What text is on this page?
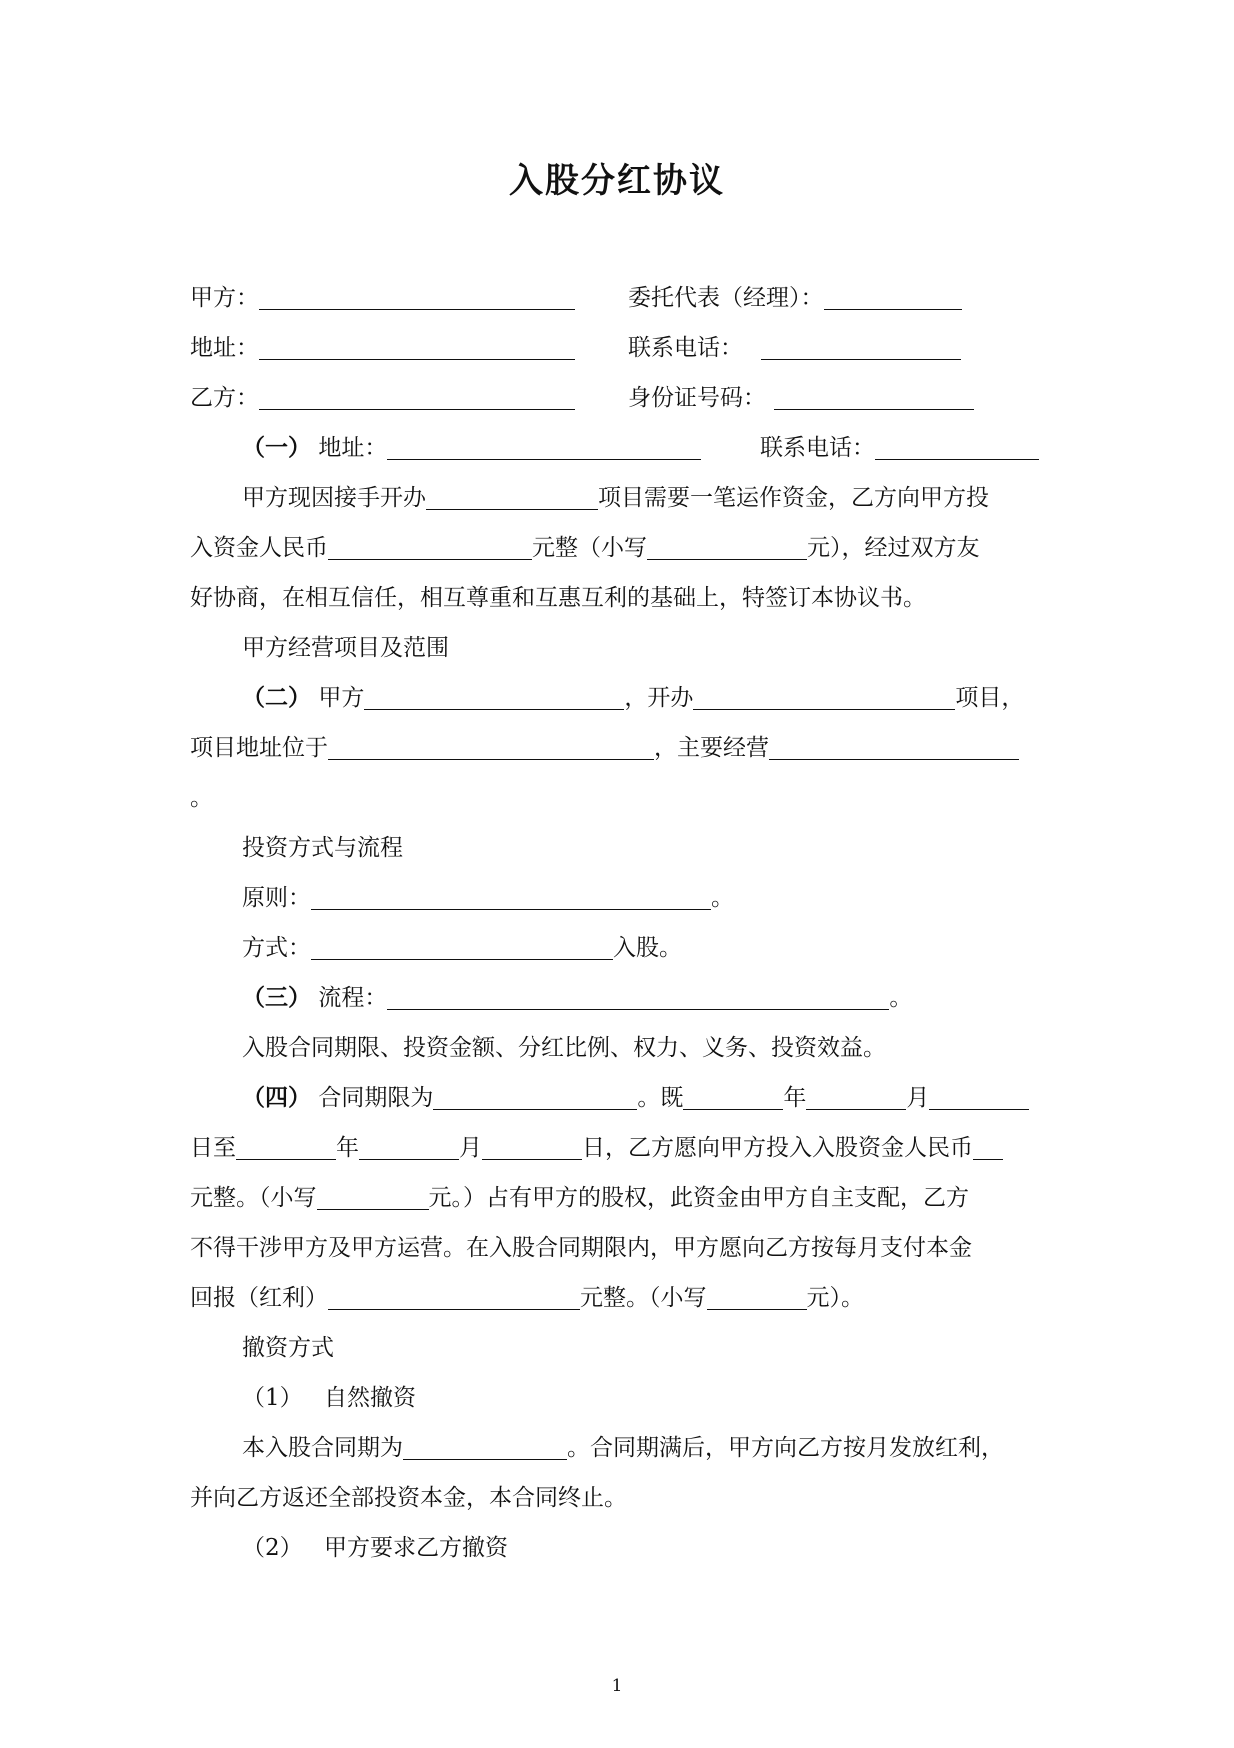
入股分红协议
甲方：	委托代表（经理）：
地址：	联系电话：
乙方：	身份证号码：
（一） 地址：	联系电话：
甲方现因接手开办	项目需要一笔运作资金，乙方向甲方投
入资金人民币	元整（小写	元），经过双方友
好协商，在相互信任，相互尊重和互惠互利的基础上，特签订本协议书。
甲方经营项目及范围
（二） 甲方	，开办	项目，
项目地址位于	，主要经营
。
投资方式与流程
原则：	。
方式：	入股。
（三） 流程：	。
入股合同期限、投资金额、分红比例、权力、义务、投资效益。
（四） 合同期限为	。既	年	月
日至	年	月	日，乙方愿向甲方投入入股资金人民币
元整。（小写	元。）占有甲方的股权，此资金由甲方自主支配，乙方
不得干涉甲方及甲方运营。在入股合同期限内，甲方愿向乙方按每月支付本金
回报（红利）	元整。（小写	元）。
撤资方式
（1） 自然撤资
本入股合同期为	。合同期满后，甲方向乙方按月发放红利，
并向乙方返还全部投资本金，本合同终止。
（2） 甲方要求乙方撤资
1
